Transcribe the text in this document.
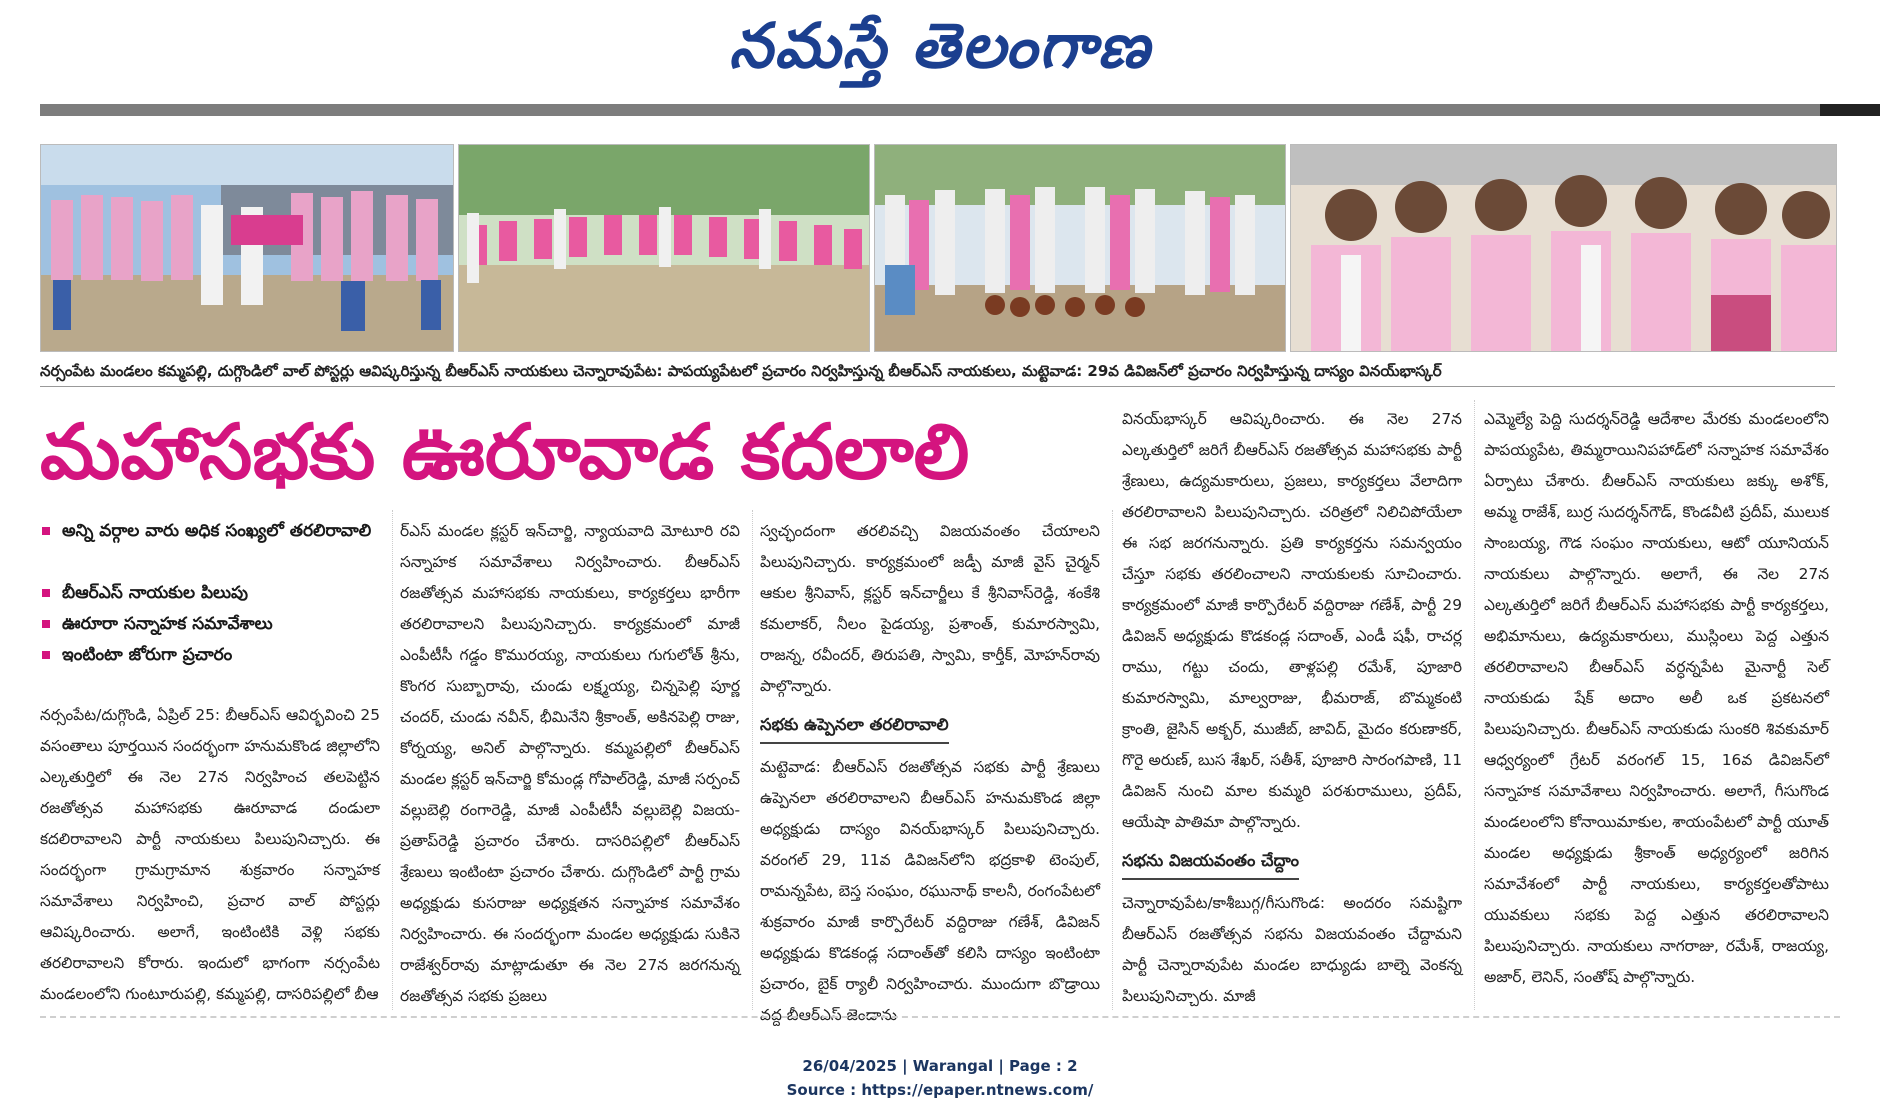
నమస్తే తెలంగాణ
నర్సంపేట మండలం కమ్మపల్లి, దుగ్గొండిలో వాల్ పోస్టర్లు ఆవిష్కరిస్తున్న బీఆర్ఎస్ నాయకులు చెన్నారావుపేట: పాపయ్యపేటలో ప్రచారం నిర్వహిస్తున్న బీఆర్ఎస్ నాయకులు, మట్టెవాడ: 29వ డివిజన్‌లో ప్రచారం నిర్వహిస్తున్న దాస్యం వినయ్‌భాస్కర్
మహాసభకు ఊరూవాడ కదలాలి
అన్ని వర్గాల వారు అధిక సంఖ్యలో తరలిరావాలి
బీఆర్ఎస్ నాయకుల పిలుపు
ఊరూరా సన్నాహక సమావేశాలు
ఇంటింటా జోరుగా ప్రచారం
నర్సంపేట/దుగ్గొండి, ఏప్రిల్ 25: బీఆర్ఎస్ ఆవిర్భవించి 25 వసంతాలు పూర్తయిన సందర్భంగా హనుమకొండ జిల్లాలోని ఎల్కతుర్తిలో ఈ నెల 27న నిర్వహించ తలపెట్టిన రజతోత్సవ మహాసభకు ఊరూవాడ దండులా కదలిరావాలని పార్టీ నాయకులు పిలుపునిచ్చారు. ఈ సందర్భంగా గ్రామగ్రామాన శుక్రవారం సన్నాహక సమావేశాలు నిర్వహించి, ప్రచార వాల్ పోస్టర్లు ఆవిష్కరించారు. అలాగే, ఇంటింటికి వెళ్లి సభకు తరలిరావాలని కోరారు. ఇందులో భాగంగా నర్సంపేట మండలంలోని గుంటూరుపల్లి, కమ్మపల్లి, దాసరిపల్లిలో బీఆ
ర్ఎస్ మండల క్లస్టర్ ఇన్‌చార్జి, న్యాయవాది మోటూరి రవి సన్నాహక సమావేశాలు నిర్వహించారు. బీఆర్ఎస్ రజతోత్సవ మహాసభకు నాయకులు, కార్యకర్తలు భారీగా తరలిరావాలని పిలుపునిచ్చారు. కార్యక్రమంలో మాజీ ఎంపీటీసీ గడ్డం కొమురయ్య, నాయకులు గుగులోత్ శ్రీను, కొంగర సుబ్బారావు, చుండు లక్ష్మయ్య, చిన్నపెల్లి పూర్ణ చందర్, చుండు నవీన్, భీమినేని శ్రీకాంత్, అకినపెల్లి రాజు, కోర్నయ్య, అనిల్ పాల్గొన్నారు. కమ్మపల్లిలో బీఆర్ఎస్ మండల క్లస్టర్ ఇన్‌చార్జి కోమండ్ల గోపాల్‌రెడ్డి, మాజీ సర్పంచ్ వల్లుబెల్లి రంగారెడ్డి, మాజీ ఎంపీటీసీ వల్లుబెల్లి విజయ-ప్రతాప్‌రెడ్డి ప్రచారం చేశారు. దాసరిపల్లిలో బీఆర్ఎస్ శ్రేణులు ఇంటింటా ప్రచారం చేశారు. దుగ్గొండిలో పార్టీ గ్రామ అధ్యక్షుడు కుసరాజు అధ్యక్షతన సన్నాహక సమావేశం నిర్వహించారు. ఈ సందర్భంగా మండల అధ్యక్షుడు సుకినె రాజేశ్వర్‌రావు మాట్లాడుతూ ఈ నెల 27న జరగనున్న రజతోత్సవ సభకు ప్రజలు
స్వచ్ఛందంగా తరలివచ్చి విజయవంతం చేయాలని పిలుపునిచ్చారు. కార్యక్రమంలో జడ్పీ మాజీ వైస్ చైర్మన్ ఆకుల శ్రీనివాస్, క్లస్టర్ ఇన్‌చార్జీలు కే శ్రీనివాస్‌రెడ్డి, శంకేశి కమలాకర్, నీలం పైడయ్య, ప్రశాంత్, కుమారస్వామి, రాజన్న, రవీందర్, తిరుపతి, స్వామి, కార్తీక్, మోహన్‌రావు పాల్గొన్నారు.
సభకు ఉప్పెనలా తరలిరావాలి
మట్టెవాడ: బీఆర్ఎస్ రజతోత్సవ సభకు పార్టీ శ్రేణులు ఉప్పెనలా తరలిరావాలని బీఆర్ఎస్ హనుమకొండ జిల్లా అధ్యక్షుడు దాస్యం వినయ్‌భాస్కర్ పిలుపునిచ్చారు. వరంగల్ 29, 11వ డివిజన్‌లోని భద్రకాళి టెంపుల్, రామన్నపేట, బెస్త సంఘం, రఘునాథ్ కాలనీ, రంగంపేటలో శుక్రవారం మాజీ కార్పొరేటర్ వద్దిరాజు గణేశ్, డివిజన్ అధ్యక్షుడు కొడకండ్ల సదాంత్‌తో కలిసి దాస్యం ఇంటింటా ప్రచారం, బైక్ ర్యాలీ నిర్వహించారు. ముందుగా బొడ్రాయి వద్ద బీఆర్ఎస్ జెండాను
వినయ్‌భాస్కర్ ఆవిష్కరించారు. ఈ నెల 27న ఎల్కతుర్తిలో జరిగే బీఆర్ఎస్ రజతోత్సవ మహాసభకు పార్టీ శ్రేణులు, ఉద్యమకారులు, ప్రజలు, కార్యకర్తలు వేలాదిగా తరలిరావాలని పిలుపునిచ్చారు. చరిత్రలో నిలిచిపోయేలా ఈ సభ జరగనున్నారు. ప్రతి కార్యకర్తను సమన్వయం చేస్తూ సభకు తరలించాలని నాయకులకు సూచించారు. కార్యక్రమంలో మాజీ కార్పొరేటర్ వద్దిరాజు గణేశ్, పార్టీ 29 డివిజన్ అధ్యక్షుడు కొడకండ్ల సదాంత్, ఎండీ షఫీ, రాచర్ల రాము, గట్టు చందు, తాళ్లపల్లి రమేశ్, పూజారి కుమారస్వామి, మాల్వరాజు, భీమరాజ్, బొమ్మకంటి క్రాంతి, జైసిన్ అక్బర్, ముజీబ్, జావిద్, మైదం కరుణాకర్, గొరై అరుణ్, బుస శేఖర్, సతీశ్, పూజారి సారంగపాణి, 11 డివిజన్ నుంచి మాల కుమ్మరి పరశురాములు, ప్రదీప్, ఆయేషా పాతిమా పాల్గొన్నారు.
సభను విజయవంతం చేద్దాం
చెన్నారావుపేట/కాశీబుగ్గ/గీసుగొండ: అందరం సమష్టిగా బీఆర్ఎస్ రజతోత్సవ సభను విజయవంతం చేద్దామని పార్టీ చెన్నారావుపేట మండల బాధ్యుడు బాల్నె వెంకన్న పిలుపునిచ్చారు. మాజీ
ఎమ్మెల్యే పెద్ది సుదర్శన్‌రెడ్డి ఆదేశాల మేరకు మండలంలోని పాపయ్యపేట, తిమ్మరాయినిపహాడ్‌లో సన్నాహక సమావేశం ఏర్పాటు చేశారు. బీఆర్ఎస్ నాయకులు జక్కు అశోక్, అమ్మ రాజేశ్, బుర్ర సుదర్శన్‌గౌడ్, కొండవీటి ప్రదీప్, ములుక సాంబయ్య, గౌడ సంఘం నాయకులు, ఆటో యూనియన్ నాయకులు పాల్గొన్నారు. అలాగే, ఈ నెల 27న ఎల్కతుర్తిలో జరిగే బీఆర్ఎస్ మహాసభకు పార్టీ కార్యకర్తలు, అభిమానులు, ఉద్యమకారులు, ముస్లింలు పెద్ద ఎత్తున తరలిరావాలని బీఆర్ఎస్ వర్ధన్నపేట మైనార్టీ సెల్ నాయకుడు షేక్ అదాం అలీ ఒక ప్రకటనలో పిలుపునిచ్చారు. బీఆర్ఎస్ నాయకుడు సుంకరి శివకుమార్ ఆధ్వర్యంలో గ్రేటర్ వరంగల్ 15, 16వ డివిజన్‌లో సన్నాహక సమావేశాలు నిర్వహించారు. అలాగే, గీసుగొండ మండలంలోని కోనాయిమాకుల, శాయంపేటలో పార్టీ యూత్ మండల అధ్యక్షుడు శ్రీకాంత్ అధ్యర్యంలో జరిగిన సమావేశంలో పార్టీ నాయకులు, కార్యకర్తలతోపాటు యువకులు సభకు పెద్ద ఎత్తున తరలిరావాలని పిలుపునిచ్చారు. నాయకులు నాగరాజు, రమేశ్, రాజయ్య, అజార్, లెనిన్, సంతోష్ పాల్గొన్నారు.
26/04/2025 | Warangal | Page : 2
Source : https://epaper.ntnews.com/
